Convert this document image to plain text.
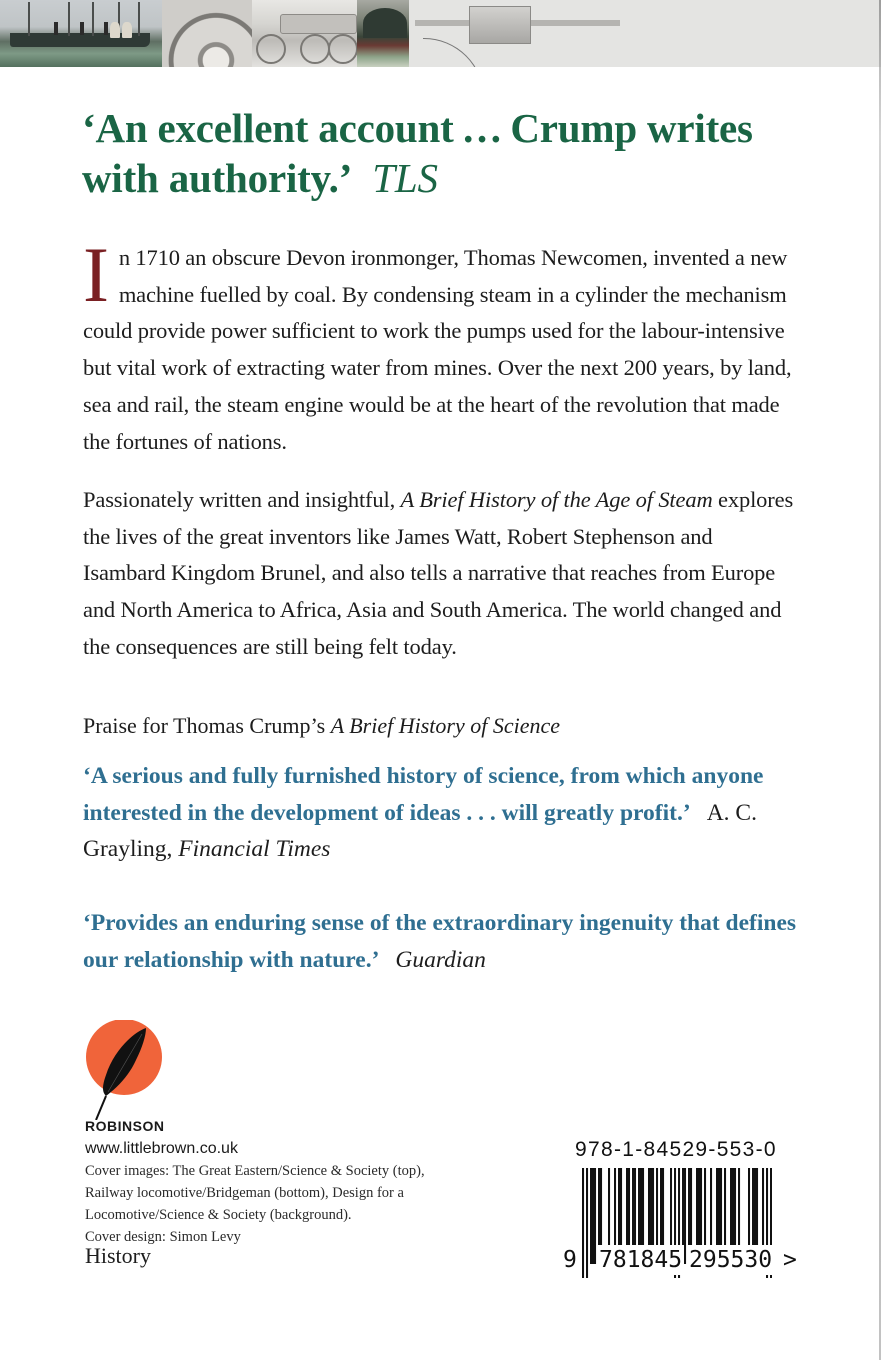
‘An excellent account … Crump writes with authority.’ TLS

In 1710 an obscure Devon ironmonger, Thomas Newcomen, invented a new machine fuelled by coal. By condensing steam in a cylinder the mechanism could provide power sufficient to work the pumps used for the labour-intensive but vital work of extracting water from mines. Over the next 200 years, by land, sea and rail, the steam engine would be at the heart of the revolution that made the fortunes of nations.

Passionately written and insightful, A Brief History of the Age of Steam explores the lives of the great inventors like James Watt, Robert Stephenson and Isambard Kingdom Brunel, and also tells a narrative that reaches from Europe and North America to Africa, Asia and South America. The world changed and the consequences are still being felt today.

Praise for Thomas Crump’s A Brief History of Science

‘A serious and fully furnished history of science, from which anyone interested in the development of ideas . . . will greatly profit.’ A. C. Grayling, Financial Times

‘Provides an enduring sense of the extraordinary ingenuity that defines our relationship with nature.’ Guardian

ROBINSON
www.littlebrown.co.uk
Cover images: The Great Eastern/Science & Society (top),
Railway locomotive/Bridgeman (bottom), Design for a
Locomotive/Science & Society (background).
Cover design: Simon Levy
History
978-1-84529-553-0
9 781845 295530 >
